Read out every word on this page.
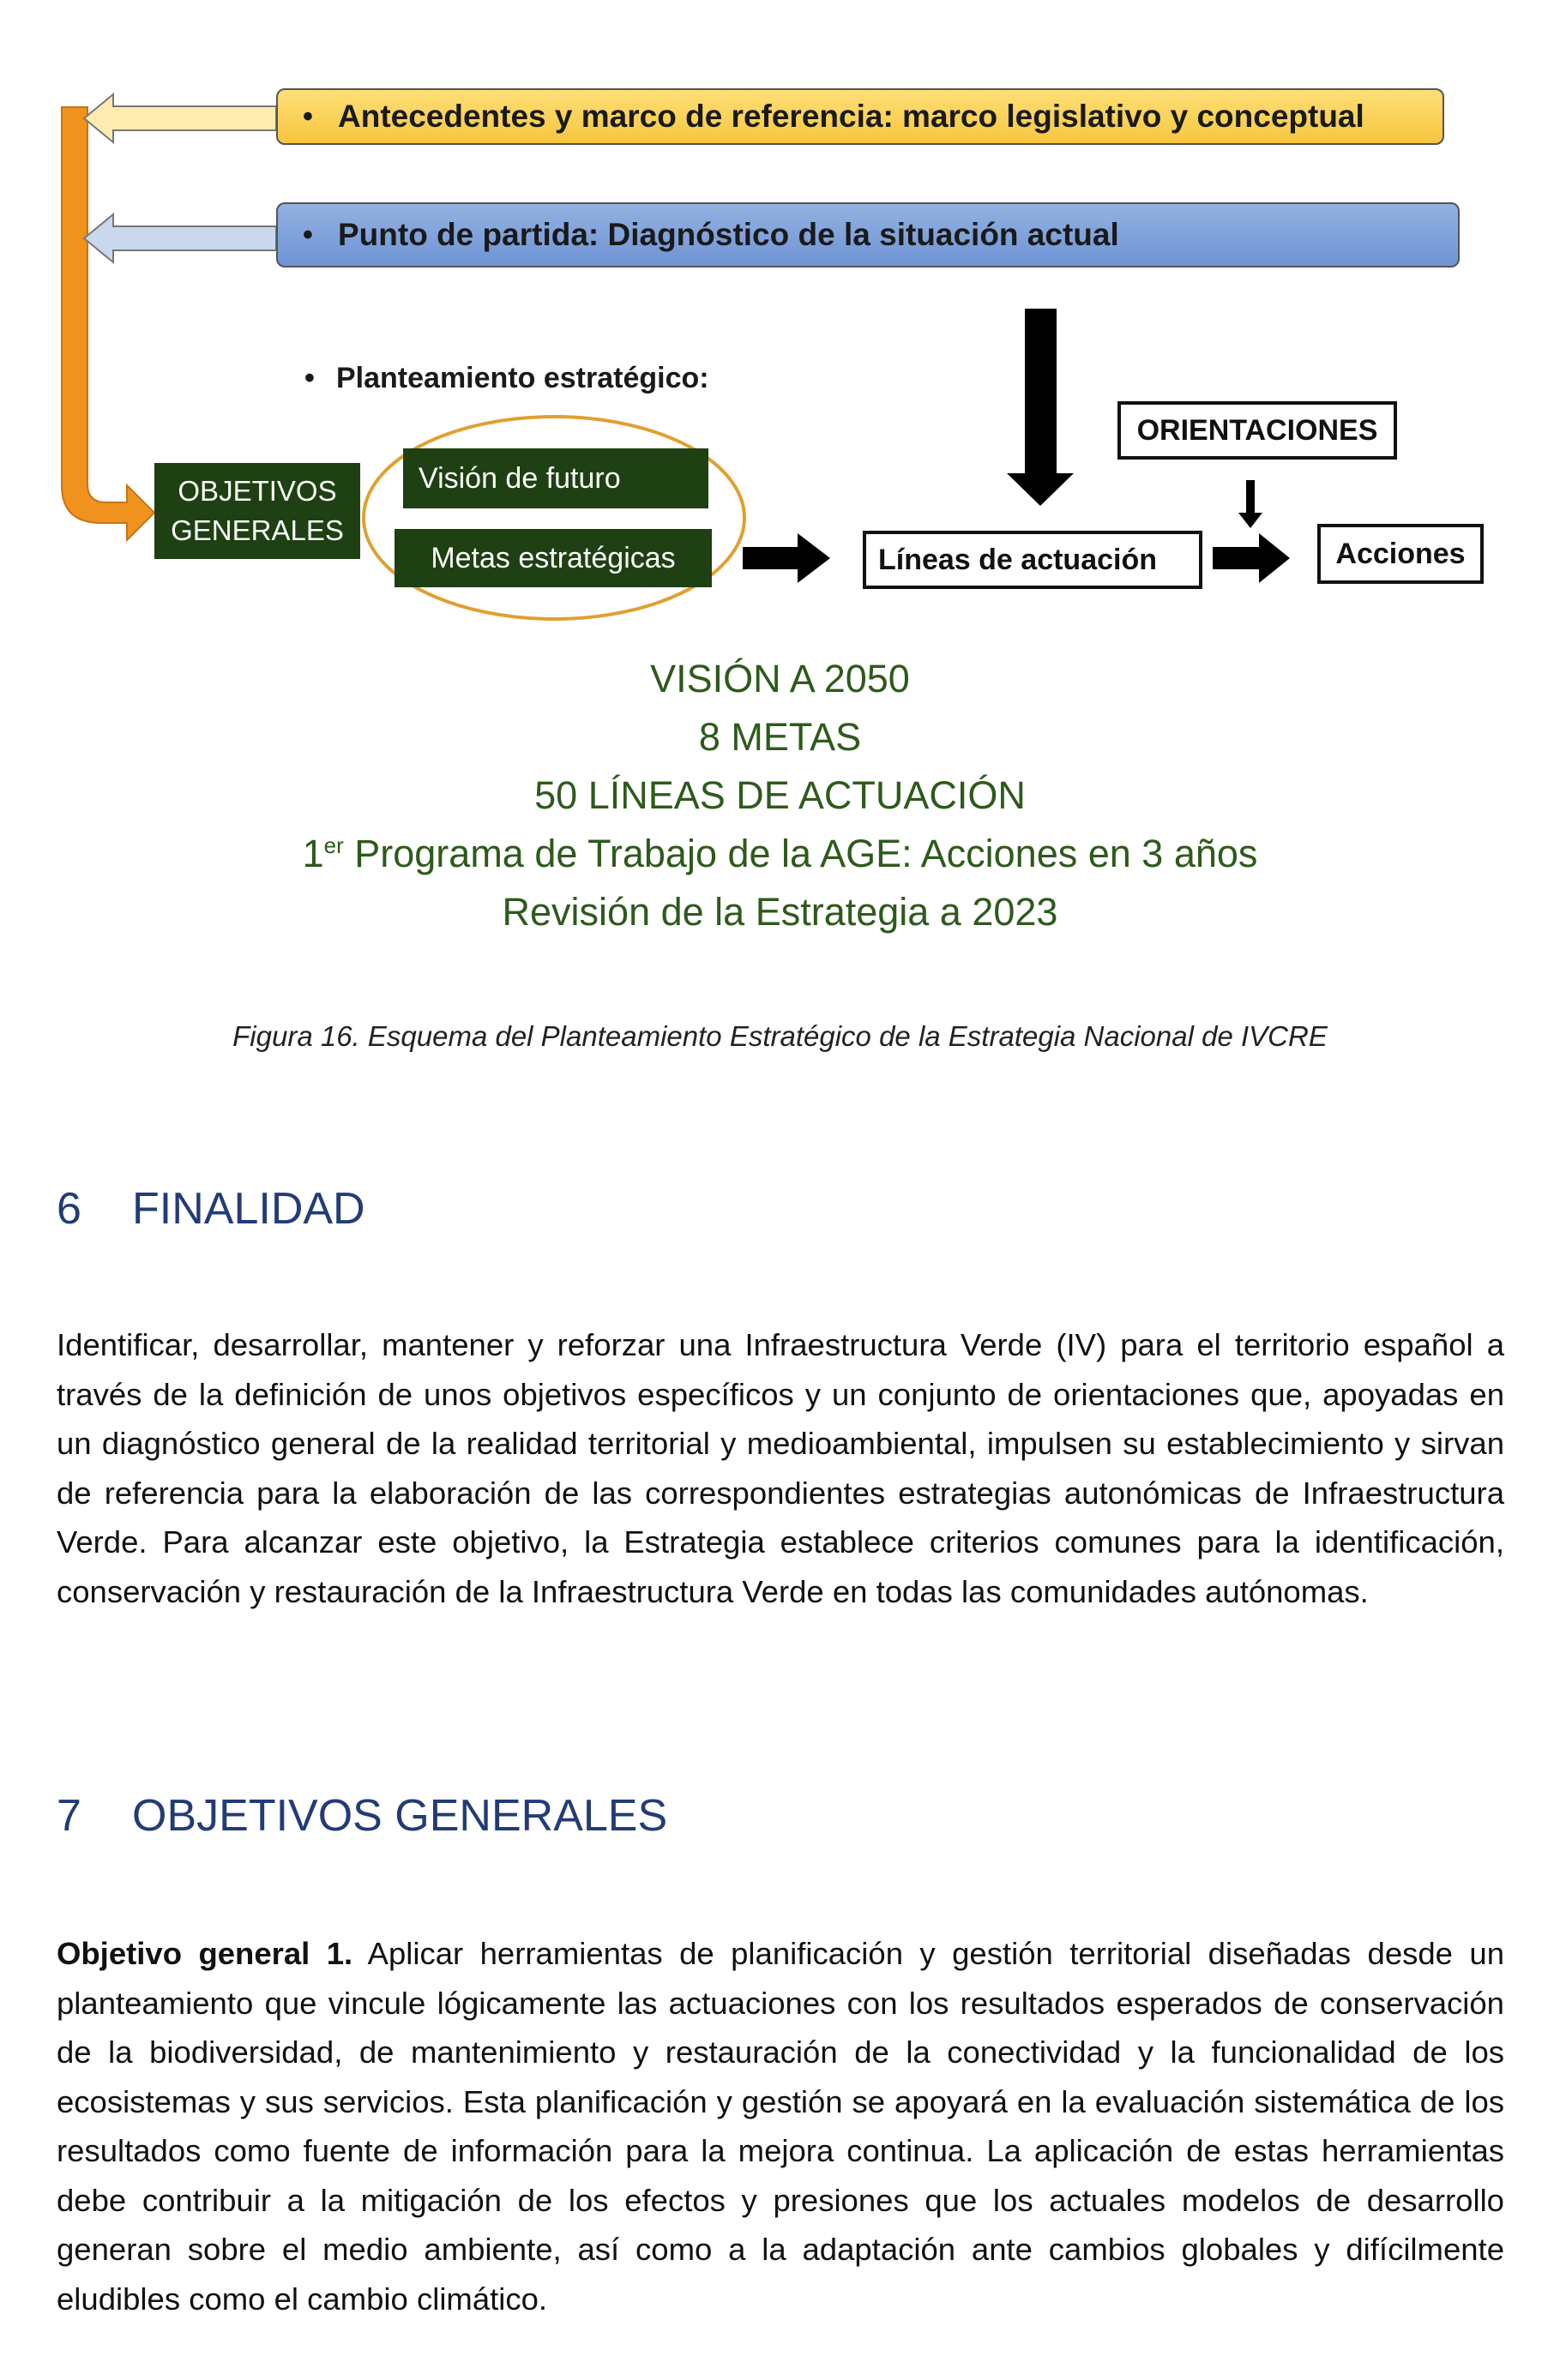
• Antecedentes y marco de referencia: marco legislativo y conceptual
• Punto de partida: Diagnóstico de la situación actual
• Planteamiento estratégico:
OBJETIVOS
GENERALES
Visión de futuro
Metas estratégicas	Líneas de actuación
ORIENTACIONES
Acciones
VISIÓN A 2050
8 METAS
50 LÍNEAS DE ACTUACIÓN
1er Programa de Trabajo de la AGE: Acciones en 3 años
Revisión de la Estrategia a 2023
Figura 16. Esquema del Planteamiento Estratégico de la Estrategia Nacional de IVCRE
6	FINALIDAD

Identificar, desarrollar, mantener y reforzar una Infraestructura Verde (IV) para el territorio español a través de la definición de unos objetivos específicos y un conjunto de orientaciones que, apoyadas en un diagnóstico general de la realidad territorial y medioambiental, impulsen su establecimiento y sirvan de referencia para la elaboración de las correspondientes estrategias autonómicas de Infraestructura Verde. Para alcanzar este objetivo, la Estrategia establece criterios comunes para la identificación, conservación y restauración de la Infraestructura Verde en todas las comunidades autónomas.

7	OBJETIVOS GENERALES

Objetivo general 1. Aplicar herramientas de planificación y gestión territorial diseñadas desde un planteamiento que vincule lógicamente las actuaciones con los resultados esperados de conservación de la biodiversidad, de mantenimiento y restauración de la conectividad y la funcionalidad de los ecosistemas y sus servicios. Esta planificación y gestión se apoyará en la evaluación sistemática de los resultados como fuente de información para la mejora continua. La aplicación de estas herramientas debe contribuir a la mitigación de los efectos y presiones que los actuales modelos de desarrollo generan sobre el medio ambiente, así como a la adaptación ante cambios globales y difícilmente eludibles como el cambio climático.
